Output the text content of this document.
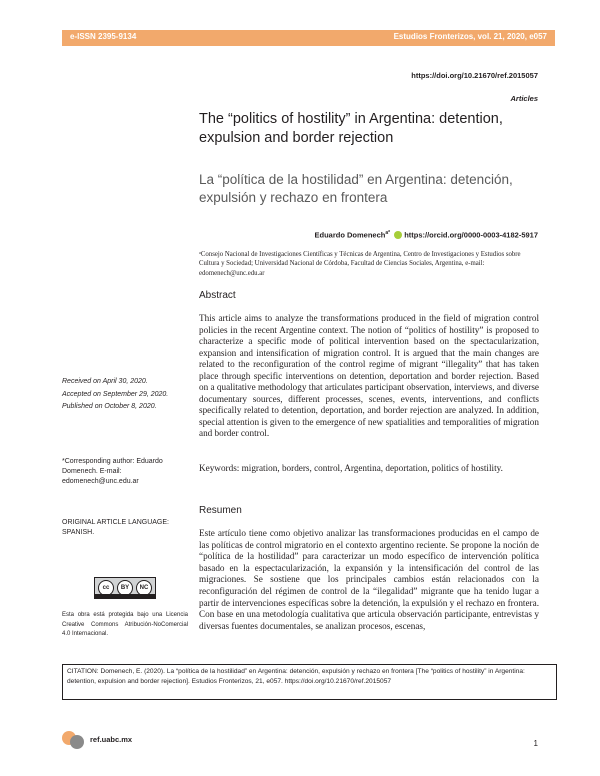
e-ISSN 2395-9134	Estudios Fronterizos, vol. 21, 2020, e057
https://doi.org/10.21670/ref.2015057
Articles
The “politics of hostility” in Argentina: detention, expulsion and border rejection
La “política de la hostilidad” en Argentina: detención, expulsión y rechazo en frontera
Eduardo Domenech$^{a*}$ https://orcid.org/0000-0003-4182-5917
ᵃConsejo Nacional de Investigaciones Científicas y Técnicas de Argentina, Centro de Investigaciones y Estudios sobre Cultura y Sociedad; Universidad Nacional de Córdoba, Facultad de Ciencias Sociales, Argentina, e-mail: edomenech@unc.edu.ar
Abstract
This article aims to analyze the transformations produced in the field of migration control policies in the recent Argentine context. The notion of “politics of hostility” is proposed to characterize a specific mode of political intervention based on the spectacularization, expansion and intensification of migration control. It is argued that the main changes are related to the reconfiguration of the control regime of migrant “illegality” that has taken place through specific interventions on detention, deportation and border rejection. Based on a qualitative methodology that articulates participant observation, interviews, and diverse documentary sources, different processes, scenes, events, interventions, and conflicts specifically related to detention, deportation, and border rejection are analyzed. In addition, special attention is given to the emergence of new spatialities and temporalities of migration and border control.
Keywords: migration, borders, control, Argentina, deportation, politics of hostility.
Resumen
Este artículo tiene como objetivo analizar las transformaciones producidas en el campo de las políticas de control migratorio en el contexto argentino reciente. Se propone la noción de “política de la hostilidad” para caracterizar un modo específico de intervención política basado en la espectacularización, la expansión y la intensificación del control de las migraciones. Se sostiene que los principales cambios están relacionados con la reconfiguración del régimen de control de la “ilegalidad” migrante que ha tenido lugar a partir de intervenciones específicas sobre la detención, la expulsión y el rechazo en frontera. Con base en una metodología cualitativa que articula observación participante, entrevistas y diversas fuentes documentales, se analizan procesos, escenas,
Received on April 30, 2020.
Accepted on September 29, 2020.
Published on October 8, 2020.
*Corresponding author: Eduardo Domenech. E-mail: edomenech@unc.edu.ar
ORIGINAL ARTICLE LANGUAGE: SPANISH.
cc	BY	NC
Esta obra está protegida bajo una Licencia Creative Commons Atribución-NoComercial 4.0 Internacional.
CITATION: Domenech, E. (2020). La “política de la hostilidad” en Argentina: detención, expulsión y rechazo en frontera [The “politics of hostility” in Argentina: detention, expulsion and border rejection]. Estudios Fronterizos, 21, e057. https://doi.org/10.21670/ref.2015057
ref.uabc.mx	1
